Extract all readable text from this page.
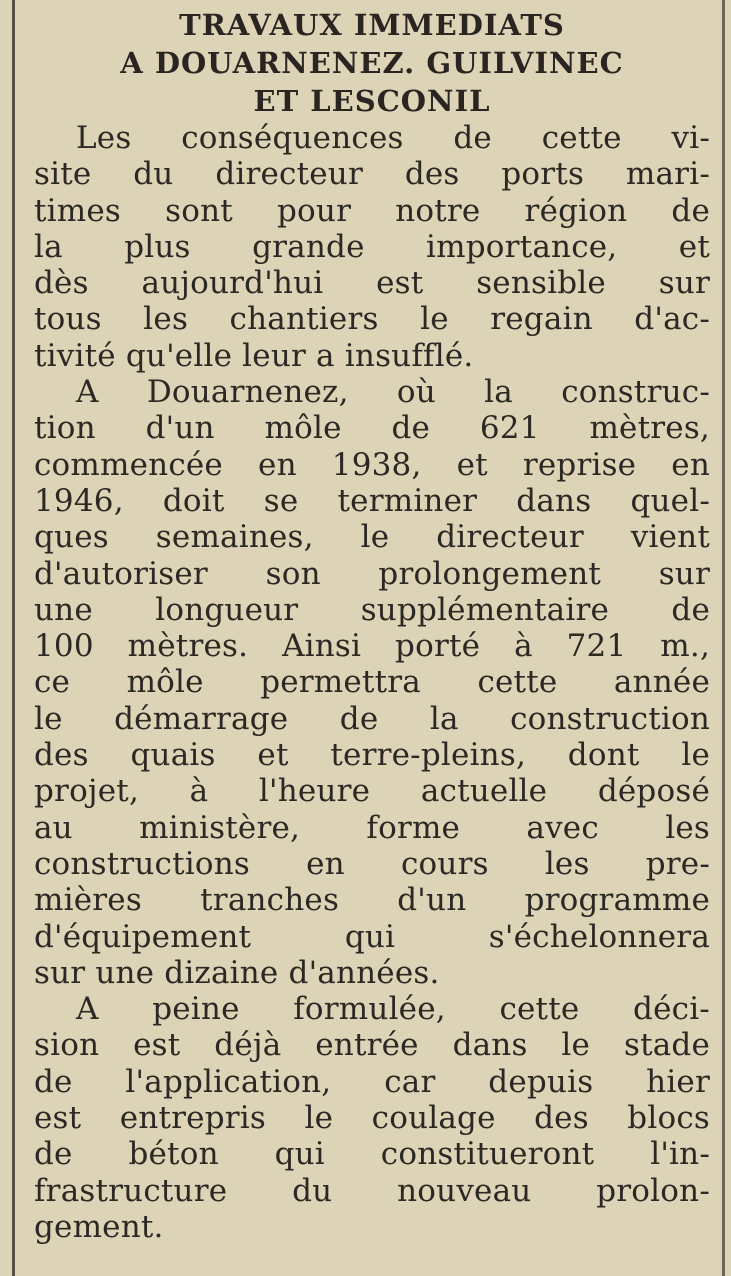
TRAVAUX IMMEDIATS
A DOUARNENEZ. GUILVINEC
ET LESCONIL
Les conséquences de cette vi-
site du directeur des ports mari-
times sont pour notre région de
la plus grande importance, et
dès aujourd'hui est sensible sur
tous les chantiers le regain d'ac-
tivité qu'elle leur a insufflé.
A Douarnenez, où la construc-
tion d'un môle de 621 mètres,
commencée en 1938, et reprise en
1946, doit se terminer dans quel-
ques semaines, le directeur vient
d'autoriser son prolongement sur
une longueur supplémentaire de
100 mètres. Ainsi porté à 721 m.,
ce môle permettra cette année
le démarrage de la construction
des quais et terre-pleins, dont le
projet, à l'heure actuelle déposé
au ministère, forme avec les
constructions en cours les pre-
mières tranches d'un programme
d'équipement qui s'échelonnera
sur une dizaine d'années.
A peine formulée, cette déci-
sion est déjà entrée dans le stade
de l'application, car depuis hier
est entrepris le coulage des blocs
de béton qui constitueront l'in-
frastructure du nouveau prolon-
gement.
